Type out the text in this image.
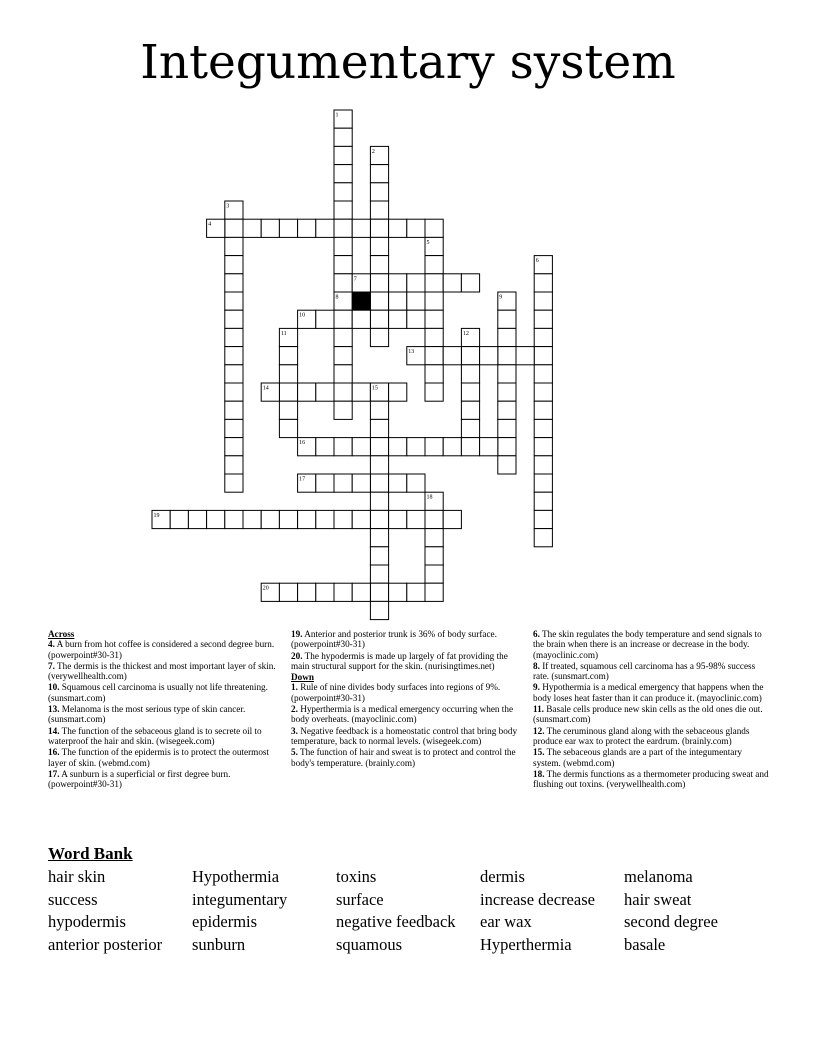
Integumentary system
1
2
3
4
5
6
7
8	9
10
11	12
13
14	15
16
17
18
19
20
Across
4. A burn from hot coffee is considered a second degree burn. (powerpoint#30-31)
7. The dermis is the thickest and most important layer of skin. (verywellhealth.com)
10. Squamous cell carcinoma is usually not life threatening. (sunsmart.com)
13. Melanoma is the most serious type of skin cancer. (sunsmart.com)
14. The function of the sebaceous gland is to secrete oil to waterproof the hair and skin. (wisegeek.com)
16. The function of the epidermis is to protect the outermost layer of skin. (webmd.com)
17. A sunburn is a superficial or first degree burn. (powerpoint#30-31)
19. Anterior and posterior trunk is 36% of body surface. (powerpoint#30-31)
20. The hypodermis is made up largely of fat providing the main structural support for the skin. (nurisingtimes.net)
Down
1. Rule of nine divides body surfaces into regions of 9%. (powerpoint#30-31)
2. Hyperthermia is a medical emergency occurring when the body overheats. (mayoclinic.com)
3. Negative feedback is a homeostatic control that bring body temperature, back to normal levels. (wisegeek.com)
5. The function of hair and sweat is to protect and control the body's temperature. (brainly.com)
6. The skin regulates the body temperature and send signals to the brain when there is an increase or decrease in the body. (mayoclinic.com)
8. If treated, squamous cell carcinoma has a 95-98% success rate. (sunsmart.com)
9. Hypothermia is a medical emergency that happens when the body loses heat faster than it can produce it. (mayoclinic.com)
11. Basale cells produce new skin cells as the old ones die out. (sunsmart.com)
12. The ceruminous gland along with the sebaceous glands produce ear wax to protect the eardrum. (brainly.com)
15. The sebaceous glands are a part of the integumentary system. (webmd.com)
18. The dermis functions as a thermometer producing sweat and flushing out toxins. (verywellhealth.com)
Word Bank
hair skin	Hypothermia	toxins	dermis	melanoma
success	integumentary	surface	increase decrease	hair sweat
hypodermis	epidermis	negative feedback	ear wax	second degree
anterior posterior	sunburn	squamous	Hyperthermia	basale
